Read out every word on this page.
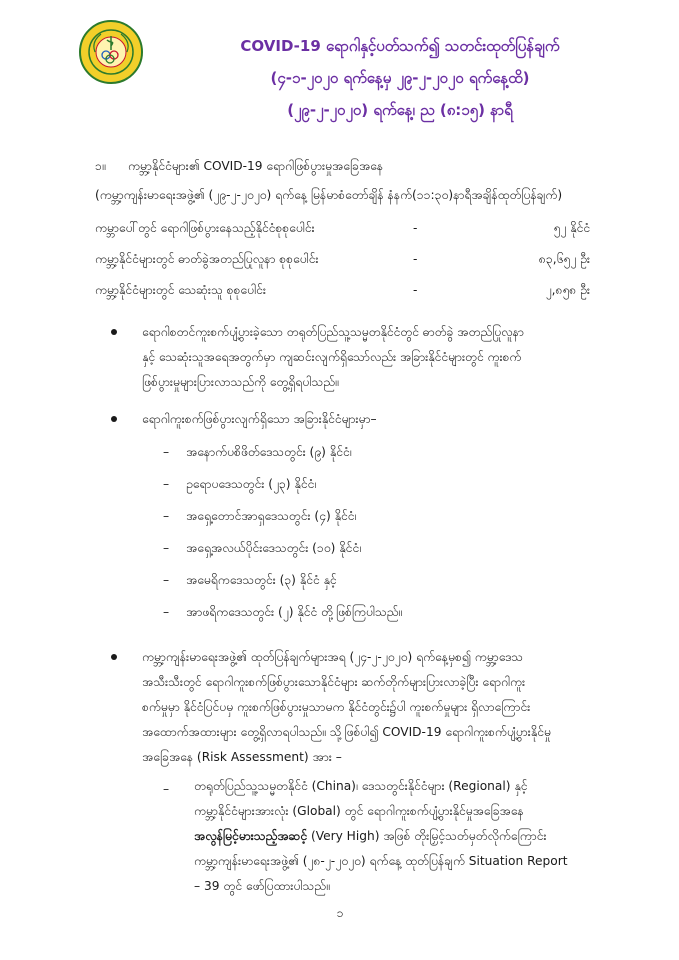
COVID-19 ရောဂါနှင့်ပတ်သက်၍ သတင်းထုတ်ပြန်ချက်
(၄-၁-၂၀၂၀ ရက်နေ့မှ ၂၉-၂-၂၀၂၀ ရက်နေ့ထိ)
(၂၉-၂-၂၀၂၀) ရက်နေ့၊ ည (၈:၁၅) နာရီ
၁။ ကမ္ဘာ့နိုင်ငံများ၏ COVID-19 ရောဂါဖြစ်ပွားမှုအခြေအနေ
(ကမ္ဘာ့ကျန်းမာရေးအဖွဲ့၏ (၂၉-၂-၂၀၂၀) ရက်နေ့ မြန်မာစံတော်ချိန် နံနက်(၁၁:၃၀)နာရီအချိန်ထုတ်ပြန်ချက်)
ကမ္ဘာပေါ်တွင် ရောဂါဖြစ်ပွားနေသည့်နိုင်ငံစုစုပေါင်း	-	၅၂ နိုင်ငံ
ကမ္ဘာ့နိုင်ငံများတွင် ဓာတ်ခွဲအတည်ပြုလူနာ စုစုပေါင်း	-	၈၃,၆၅၂ ဦး
ကမ္ဘာ့နိုင်ငံများတွင် သေဆုံးသူ စုစုပေါင်း	-	၂,၈၅၈ ဦး

ရောဂါစတင်ကူးစက်ပျံ့ပွားခဲ့သော တရုတ်ပြည်သူ့သမ္မတနိုင်ငံတွင် ဓာတ်ခွဲ အတည်ပြုလူနာ

နှင့် သေဆုံးသူအရေအတွက်မှာ ကျဆင်းလျက်ရှိသော်လည်း အခြားနိုင်ငံများတွင် ကူးစက်

ဖြစ်ပွားမှုများပြားလာသည်ကို တွေ့ရှိရပါသည်။

ရောဂါကူးစက်ဖြစ်ပွားလျက်ရှိသော အခြားနိုင်ငံများမှာ–
– အနောက်ပစိဖိတ်ဒေသတွင်း (၉) နိုင်ငံ၊
– ဥရောပဒေသတွင်း (၂၃) နိုင်ငံ၊
– အရှေ့တောင်အာရှဒေသတွင်း (၄) နိုင်ငံ၊
– အရှေ့အလယ်ပိုင်းဒေသတွင်း (၁၀) နိုင်ငံ၊
– အမေရိကဒေသတွင်း (၃) နိုင်ငံ နှင့်
– အာဖရိကဒေသတွင်း (၂) နိုင်ငံ တို့ဖြစ်ကြပါသည်။

ကမ္ဘာ့ကျန်းမာရေးအဖွဲ့၏ ထုတ်ပြန်ချက်များအရ (၂၄-၂-၂၀၂၀) ရက်နေ့မှစ၍ ကမ္ဘာ့ဒေသ

အသီးသီးတွင် ရောဂါကူးစက်ဖြစ်ပွားသောနိုင်ငံများ ဆက်တိုက်များပြားလာခဲ့ပြီး ရောဂါကူး

စက်မှုမှာ နိုင်ငံပြင်ပမှ ကူးစက်ဖြစ်ပွားမှုသာမက နိုင်ငံတွင်း၌ပါ ကူးစက်မှုများ ရှိလာကြောင်း

အထောက်အထားများ တွေ့ရှိလာရပါသည်။ သို့ဖြစ်ပါ၍ COVID-19 ရောဂါကူးစက်ပျံ့ပွားနိုင်မှု

အခြေအနေ (Risk Assessment) အား –

– တရုတ်ပြည်သူ့သမ္မတနိုင်ငံ (China)၊ ဒေသတွင်းနိုင်ငံများ (Regional) နှင့်

ကမ္ဘာ့နိုင်ငံများအားလုံး (Global) တွင် ရောဂါကူးစက်ပျံ့ပွားနိုင်မှုအခြေအနေ

အလွန်မြင့်မားသည့်အဆင့် (Very High) အဖြစ် တိုးမြှင့်သတ်မှတ်လိုက်ကြောင်း

ကမ္ဘာ့ကျန်းမာရေးအဖွဲ့၏ (၂၈-၂-၂၀၂၀) ရက်နေ့ ထုတ်ပြန်ချက် Situation Report

– 39 တွင် ဖော်ပြထားပါသည်။

၁
